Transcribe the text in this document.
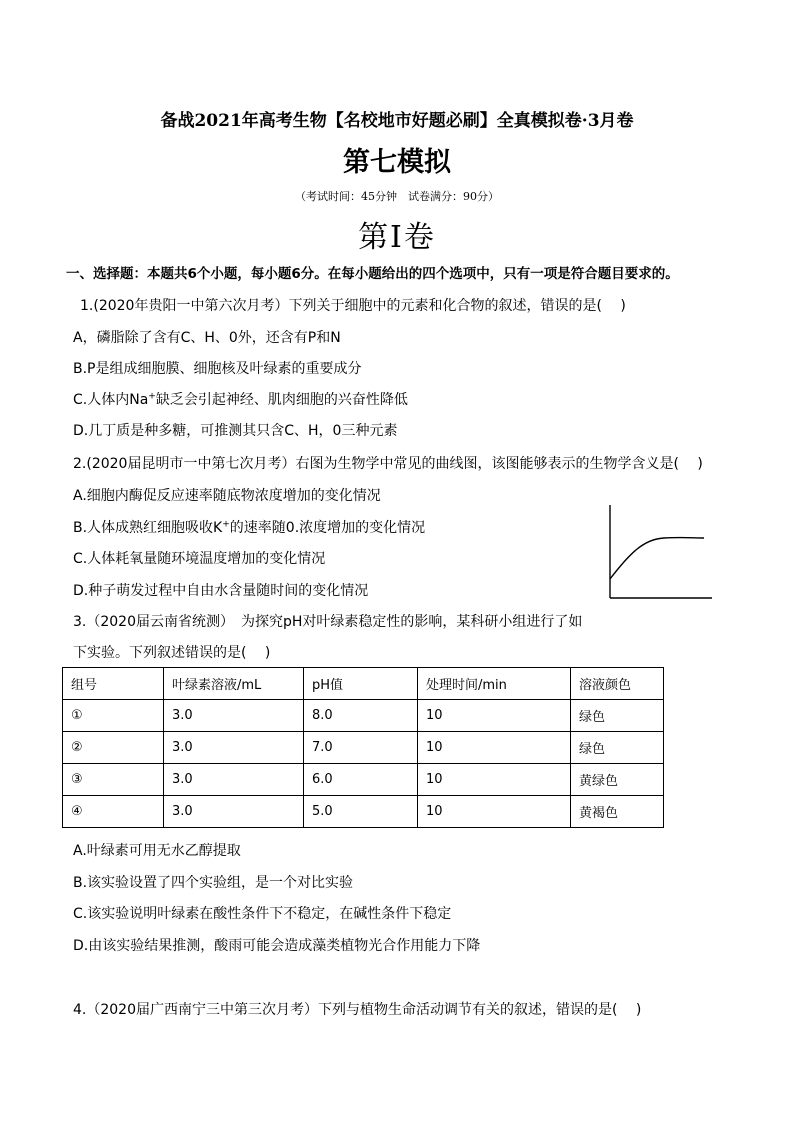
备战2021年高考生物【名校地市好题必刷】全真模拟卷·3月卷
第七模拟
（考试时间：45分钟　试卷满分：90分）
第Ⅰ卷
一、选择题：本题共6个小题，每小题6分。在每小题给出的四个选项中，只有一项是符合题目要求的。
1.(2020年贵阳一中第六次月考）下列关于细胞中的元素和化合物的叙述，错误的是(　 )
A，磷脂除了含有C、H、0外，还含有P和N
B.P是组成细胞膜、细胞核及叶绿素的重要成分
C.人体内Na+缺乏会引起神经、肌肉细胞的兴奋性降低
D.几丁质是种多糖，可推测其只含C、H，0三种元素
2.(2020届昆明市一中第七次月考）右图为生物学中常见的曲线图，该图能够表示的生物学含义是(　 )
A.细胞内酶促反应速率随底物浓度增加的变化情况
B.人体成熟红细胞吸收K+的速率随0.浓度增加的变化情况
C.人体耗氧量随环境温度增加的变化情况
D.种子萌发过程中自由水含量随时间的变化情况
3.（2020届云南省统测）　为探究pH对叶绿素稳定性的影响，某科研小组进行了如
下实验。下列叙述错误的是(　 )
组号	叶绿素溶液/mL	pH值	处理时间/min	溶液颜色
①	3.0	8.0	10	绿色
②	3.0	7.0	10	绿色
③	3.0	6.0	10	黄绿色
④	3.0	5.0	10	黄褐色
A.叶绿素可用无水乙醇提取
B.该实验设置了四个实验组，是一个对比实验
C.该实验说明叶绿素在酸性条件下不稳定，在碱性条件下稳定
D.由该实验结果推测，酸雨可能会造成藻类植物光合作用能力下降
4.（2020届广西南宁三中第三次月考）下列与植物生命活动调节有关的叙述，错误的是(　 )
